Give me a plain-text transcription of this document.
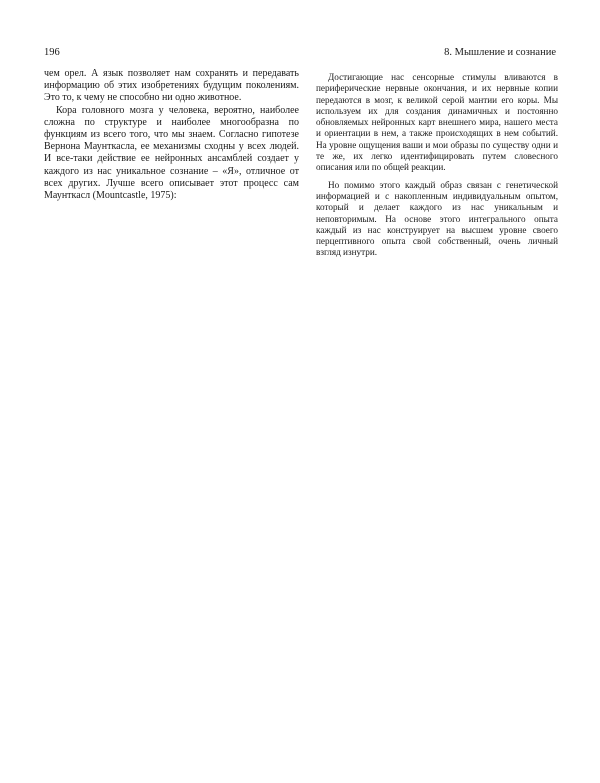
196	8. Мышление и сознание

чем орел. А язык позволяет нам сохранять и передавать информацию об этих изобретениях будущим поколениям. Это то, к чему не способно ни одно животное.

Кора головного мозга у человека, вероятно, наиболее сложна по структуре и наиболее многообразна по функциям из всего того, что мы знаем. Согласно гипотезе Вернона Маунткасла, ее механизмы сходны у всех людей. И все-таки действие ее нейронных ансамблей создает у каждого из нас уникальное сознание – «Я», отличное от всех других. Лучше всего описывает этот процесс сам Маунткасл (Mountcastle, 1975):

Достигающие нас сенсорные стимулы вливаются в периферические нервные окончания, и их нервные копии передаются в мозг, к великой серой мантии его коры. Мы используем их для создания динамичных и постоянно обновляемых нейронных карт внешнего мира, нашего места и ориентации в нем, а также происходящих в нем событий. На уровне ощущения ваши и мои образы по существу одни и те же, их легко идентифицировать путем словесного описания или по общей реакции.

Но помимо этого каждый образ связан с генетической информацией и с накопленным индивидуальным опытом, который и делает каждого из нас уникальным и неповторимым. На основе этого интегрального опыта каждый из нас конструирует на высшем уровне своего перцептивного опыта свой собственный, очень личный взгляд изнутри.
